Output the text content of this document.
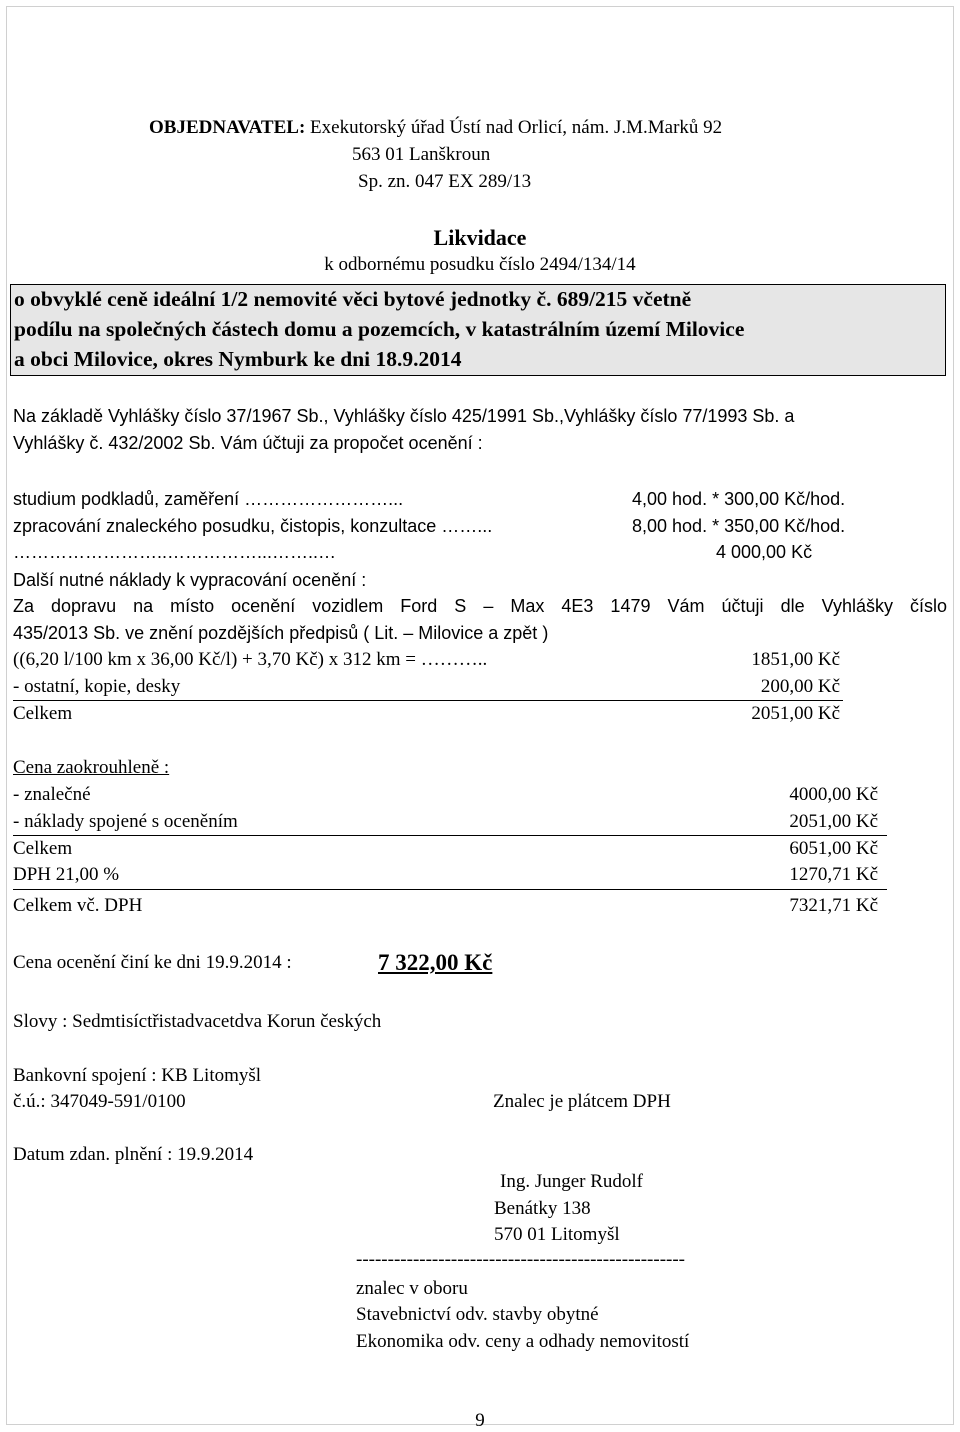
OBJEDNAVATEL: Exekutorský úřad Ústí nad Orlicí, nám. J.M.Marků 92
563 01 Lanškroun
Sp. zn. 047 EX 289/13
Likvidace
k odbornému posudku číslo 2494/134/14
o obvyklé ceně ideální 1/2 nemovité věci bytové jednotky č. 689/215 včetně
podílu na společných částech domu a pozemcích, v katastrálním území Milovice
a obci Milovice, okres Nymburk ke dni 18.9.2014
Na základě Vyhlášky číslo 37/1967 Sb., Vyhlášky číslo 425/1991 Sb.,Vyhlášky číslo 77/1993 Sb. a
Vyhlášky č. 432/2002 Sb. Vám účtuji za propočet ocenění :
studium podkladů, zaměření ……………………...	4,00 hod. * 300,00 Kč/hod.
zpracování znaleckého posudku, čistopis, konzultace ……...	8,00 hod. * 350,00 Kč/hod.
……………………..……………...……..…	4 000,00 Kč
Další nutné náklady k vypracování ocenění :
Za dopravu na místo ocenění vozidlem Ford S – Max 4E3 1479 Vám účtuji dle Vyhlášky číslo
435/2013 Sb. ve znění pozdějších předpisů ( Lit. – Milovice a zpět )
((6,20 l/100 km x 36,00 Kč/l) + 3,70 Kč) x 312 km = ………..	1851,00 Kč
- ostatní, kopie, desky	200,00 Kč
Celkem	2051,00 Kč
Cena zaokrouhleně :
- znalečné	4000,00 Kč
- náklady spojené s oceněním	2051,00 Kč
Celkem	6051,00 Kč
DPH 21,00 %	1270,71 Kč
Celkem vč. DPH	7321,71 Kč
Cena ocenění činí ke dni 19.9.2014 :	7 322,00 Kč
Slovy : Sedmtisíctřistadvacetdva Korun českých
Bankovní spojení : KB Litomyšl
č.ú.: 347049-591/0100	Znalec je plátcem DPH
Datum zdan. plnění : 19.9.2014
Ing. Junger Rudolf
Benátky 138
570 01 Litomyšl
----------------------------------------------------
znalec v oboru
Stavebnictví odv. stavby obytné
Ekonomika odv. ceny a odhady nemovitostí
9
